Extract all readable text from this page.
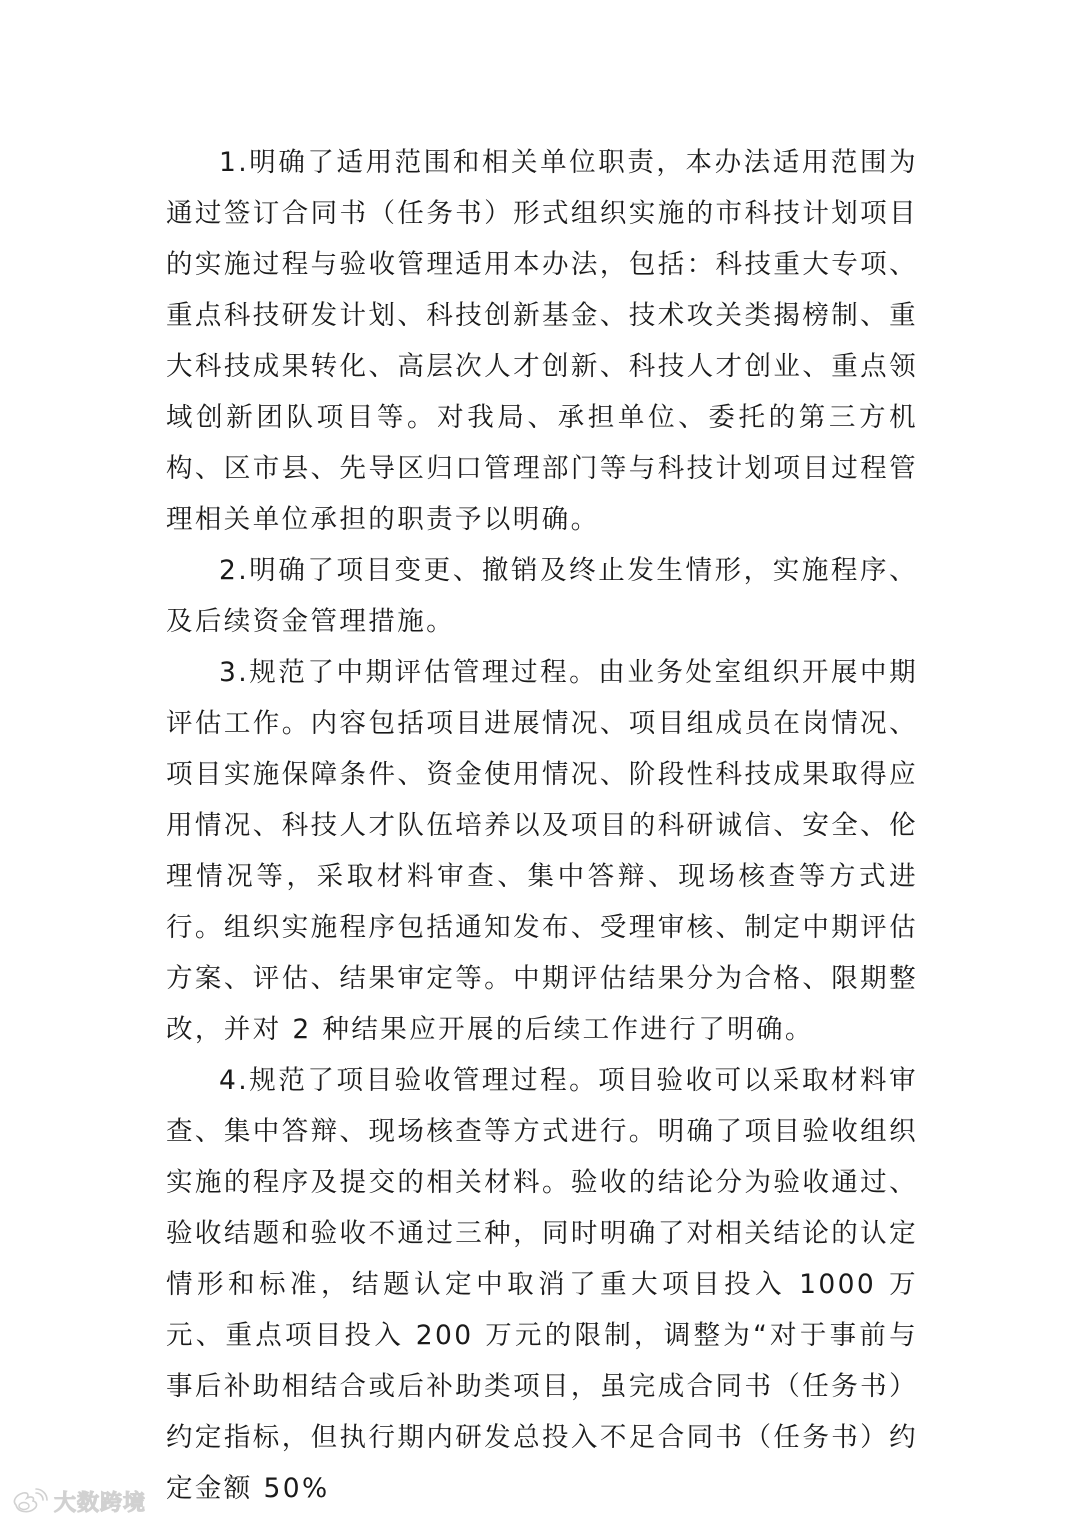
1.明确了适用范围和相关单位职责，本办法适用范围为通过签订合同书（任务书）形式组织实施的市科技计划项目的实施过程与验收管理适用本办法，包括：科技重大专项、重点科技研发计划、科技创新基金、技术攻关类揭榜制、重大科技成果转化、高层次人才创新、科技人才创业、重点领域创新团队项目等。对我局、承担单位、委托的第三方机构、区市县、先导区归口管理部门等与科技计划项目过程管理相关单位承担的职责予以明确。

2.明确了项目变更、撤销及终止发生情形，实施程序、及后续资金管理措施。

3.规范了中期评估管理过程。由业务处室组织开展中期评估工作。内容包括项目进展情况、项目组成员在岗情况、项目实施保障条件、资金使用情况、阶段性科技成果取得应用情况、科技人才队伍培养以及项目的科研诚信、安全、伦理情况等，采取材料审查、集中答辩、现场核查等方式进行。组织实施程序包括通知发布、受理审核、制定中期评估方案、评估、结果审定等。中期评估结果分为合格、限期整改，并对 2 种结果应开展的后续工作进行了明确。

4.规范了项目验收管理过程。项目验收可以采取材料审查、集中答辩、现场核查等方式进行。明确了项目验收组织实施的程序及提交的相关材料。验收的结论分为验收通过、验收结题和验收不通过三种，同时明确了对相关结论的认定情形和标准，结题认定中取消了重大项目投入 1000 万元、重点项目投入 200 万元的限制，调整为“对于事前与事后补助相结合或后补助类项目，虽完成合同书（任务书）约定指标，但执行期内研发总投入不足合同书（任务书）约定金额 50%

大数跨境
